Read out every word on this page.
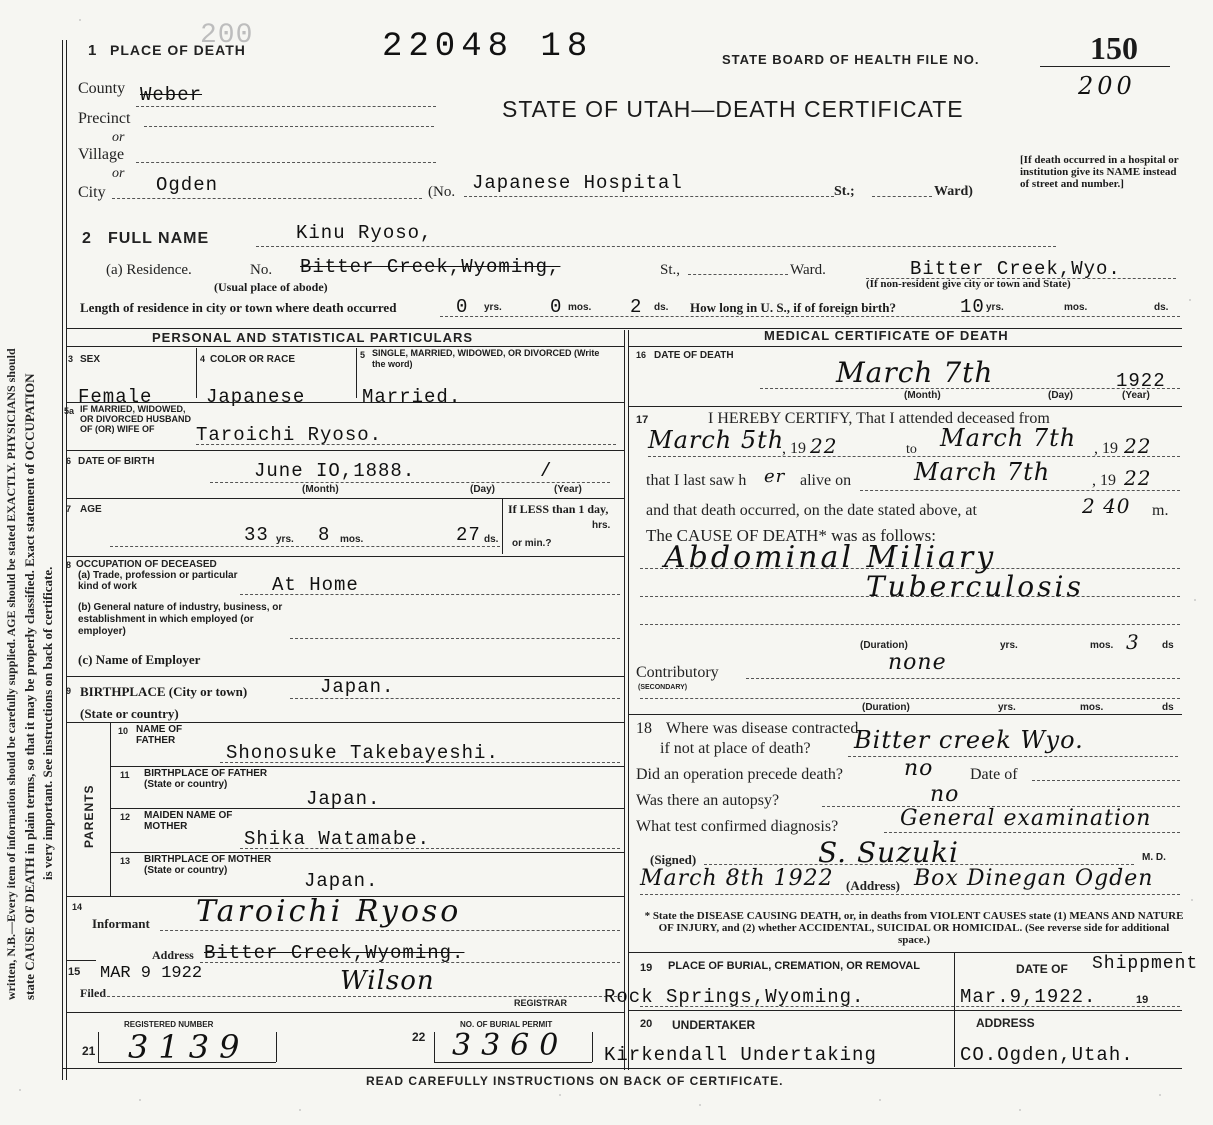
written, N.B.—Every item of information should be carefully supplied. AGE should be stated EXACTLY. PHYSICIANS should state CAUSE OF DEATH in plain terms, so that it may be properly classified. Exact statement of OCCUPATION is very important. See instructions on back of certificate.
1 PLACE OF DEATH
200	22048 18	STATE BOARD OF HEALTH FILE NO.	150
200
STATE OF UTAH—DEATH CERTIFICATE
County Weber
Precinct
or
Village
or
City	Ogden	(No. Japanese Hospital	St.;	Ward)
[If death occurred in a hospital or institution give its NAME instead of street and number.]
2 FULL NAME	Kinu Ryoso,
(a) Residence.	No. Bitter Creek,Wyoming,	St.,	Ward.	Bitter Creek,Wyo.
(Usual place of abode)	(If non-resident give city or town and State)
Length of residence in city or town where death occurred	0 yrs.	0 mos. 2 ds. How long in U. S., if of foreign birth?	10 yrs.	mos.	ds.
PERSONAL AND STATISTICAL PARTICULARS
3 SEX	4 COLOR OR RACE	5 SINGLE, MARRIED, WIDOWED, OR DIVORCED (Write the word)
Female	Japanese	Married.
5a IF MARRIED, WIDOWED, OR DIVORCED HUSBAND OF (OR) WIFE OF	Taroichi Ryoso.
6 DATE OF BIRTH	June IO,1888.	/
(Month)	(Day)	(Year)
7 AGE
33 yrs. 8 mos.	27 ds.
If LESS than 1 day,
hrs.
or min.?
8 OCCUPATION OF DECEASED
(a) Trade, profession or particular kind of work	At Home
(b) General nature of industry, business, or establishment in which employed (or employer)
(c) Name of Employer
9 BIRTHPLACE (City or town)	Japan.
(State or country)
PARENTS
10 NAME OF FATHER
Shonosuke Takebayeshi.
11 BIRTHPLACE OF FATHER (State or country)
Japan.
12 MAIDEN NAME OF MOTHER
Shika Watamabe.
13 BIRTHPLACE OF MOTHER (State or country)	Japan.
14
Informant Taroichi Ryoso
Address Bitter Creek,Wyoming.
15 MAR 9 1922
Filed	Wilson
REGISTRAR
REGISTERED NUMBER	NO. OF BURIAL PERMIT
21 3139	22 3360
MEDICAL CERTIFICATE OF DEATH
16 DATE OF DEATH
March 7th	1922
(Month)	(Day)	(Year)
17	I HEREBY CERTIFY, That I attended deceased from
March 5th
, 19 22	to March 7th , 19 22
that I last saw h er alive on	March 7th	, 19 22
and that death occurred, on the date stated above, at	2 40 m.
The CAUSE OF DEATH* was as follows:
Abdominal Miliary
Tuberculosis
(Duration)	yrs.	mos. 3 ds
Contributory
(SECONDARY)
none
(Duration)	yrs.	mos.	ds
18 Where was disease contracted
if not at place of death? Bitter creek Wyo.
Did an operation precede death?	no Date of
Was there an autopsy?	no
What test confirmed diagnosis?	General examination
(Signed)	S. Suzuki	M. D.
March 8th 1922 (Address) Box Dinegan Ogden
* State the DISEASE CAUSING DEATH, or, in deaths from VIOLENT CAUSES state (1) MEANS AND NATURE OF INJURY, and (2) whether ACCIDENTAL, SUICIDAL OR HOMICIDAL. (See reverse side for additional space.)
19 PLACE OF BURIAL, CREMATION, OR REMOVAL	DATE OF Shippment
Rock Springs,Wyoming.	Mar.9,1922.	19
20 UNDERTAKER	ADDRESS
Kirkendall Undertaking	CO.Ogden,Utah.
READ CAREFULLY INSTRUCTIONS ON BACK OF CERTIFICATE.
